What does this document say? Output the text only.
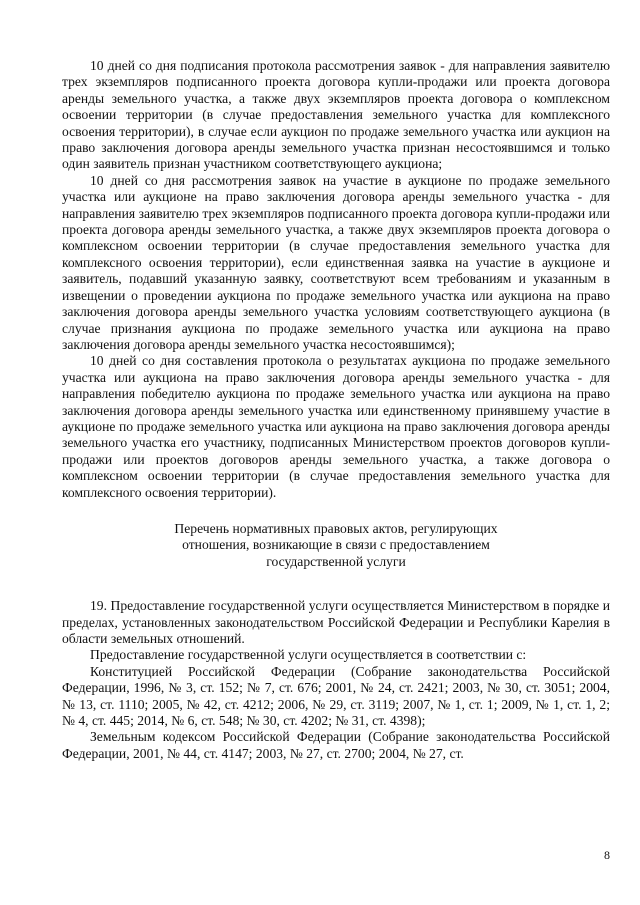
10 дней со дня подписания протокола рассмотрения заявок - для направления заявителю трех экземпляров подписанного проекта договора купли-продажи или проекта договора аренды земельного участка, а также двух экземпляров проекта договора о комплексном освоении территории (в случае предоставления земельного участка для комплексного освоения территории), в случае если аукцион по продаже земельного участка или аукцион на право заключения договора аренды земельного участка признан несостоявшимся и только один заявитель признан участником соответствующего аукциона;

10 дней со дня рассмотрения заявок на участие в аукционе по продаже земельного участка или аукционе на право заключения договора аренды земельного участка - для направления заявителю трех экземпляров подписанного проекта договора купли-продажи или проекта договора аренды земельного участка, а также двух экземпляров проекта договора о комплексном освоении территории (в случае предоставления земельного участка для комплексного освоения территории), если единственная заявка на участие в аукционе и заявитель, подавший указанную заявку, соответствуют всем требованиям и указанным в извещении о проведении аукциона по продаже земельного участка или аукциона на право заключения договора аренды земельного участка условиям соответствующего аукциона (в случае признания аукциона по продаже земельного участка или аукциона на право заключения договора аренды земельного участка несостоявшимся);

10 дней со дня составления протокола о результатах аукциона по продаже земельного участка или аукциона на право заключения договора аренды земельного участка - для направления победителю аукциона по продаже земельного участка или аукциона на право заключения договора аренды земельного участка или единственному принявшему участие в аукционе по продаже земельного участка или аукциона на право заключения договора аренды земельного участка его участнику, подписанных Министерством проектов договоров купли-продажи или проектов договоров аренды земельного участка, а также договора о комплексном освоении территории (в случае предоставления земельного участка для комплексного освоения территории).

Перечень нормативных правовых актов, регулирующих
отношения, возникающие в связи с предоставлением
государственной услуги

19. Предоставление государственной услуги осуществляется Министерством в порядке и пределах, установленных законодательством Российской Федерации и Республики Карелия в области земельных отношений.

Предоставление государственной услуги осуществляется в соответствии с:

Конституцией Российской Федерации (Собрание законодательства Российской Федерации, 1996, № 3, ст. 152; № 7, ст. 676; 2001, № 24, ст. 2421; 2003, № 30, ст. 3051; 2004, № 13, ст. 1110; 2005, № 42, ст. 4212; 2006, № 29, ст. 3119; 2007, № 1, ст. 1; 2009, № 1, ст. 1, 2; № 4, ст. 445; 2014, № 6, ст. 548; № 30, ст. 4202; № 31, ст. 4398);

Земельным кодексом Российской Федерации (Собрание законодательства Российской Федерации, 2001, № 44, ст. 4147; 2003, № 27, ст. 2700; 2004, № 27, ст.

8
